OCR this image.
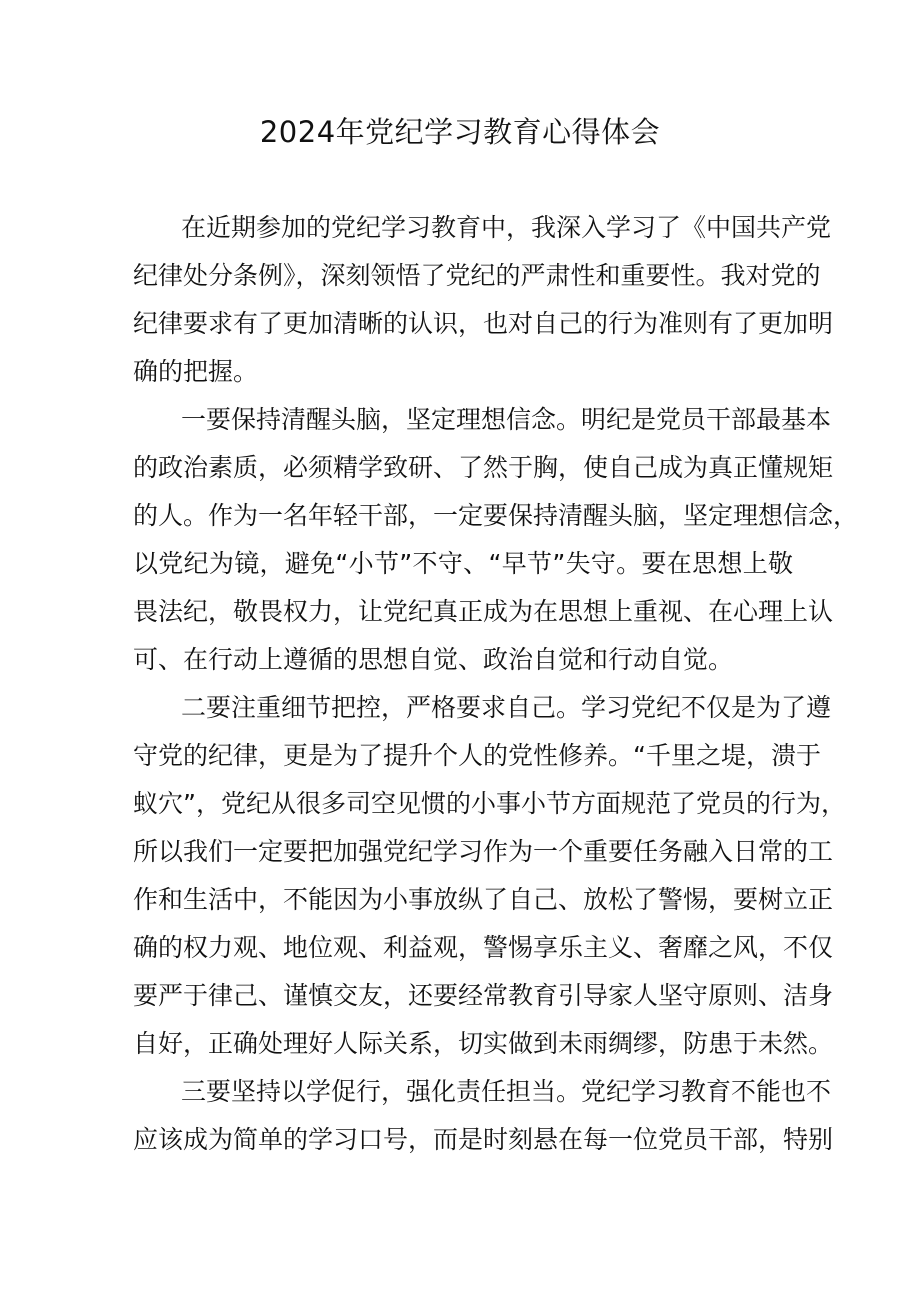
2024年党纪学习教育心得体会
在近期参加的党纪学习教育中，我深入学习了《中国共产党
纪律处分条例》，深刻领悟了党纪的严肃性和重要性。我对党的
纪律要求有了更加清晰的认识，也对自己的行为准则有了更加明
确的把握。
一要保持清醒头脑，坚定理想信念。明纪是党员干部最基本
的政治素质，必须精学致研、了然于胸，使自己成为真正懂规矩
的人。作为一名年轻干部，一定要保持清醒头脑，坚定理想信念，
以党纪为镜，避免“小节”不守、“早节”失守。要在思想上敬
畏法纪，敬畏权力，让党纪真正成为在思想上重视、在心理上认
可、在行动上遵循的思想自觉、政治自觉和行动自觉。
二要注重细节把控，严格要求自己。学习党纪不仅是为了遵
守党的纪律，更是为了提升个人的党性修养。“千里之堤，溃于
蚁穴”，党纪从很多司空见惯的小事小节方面规范了党员的行为，
所以我们一定要把加强党纪学习作为一个重要任务融入日常的工
作和生活中，不能因为小事放纵了自己、放松了警惕，要树立正
确的权力观、地位观、利益观，警惕享乐主义、奢靡之风，不仅
要严于律己、谨慎交友，还要经常教育引导家人坚守原则、洁身
自好，正确处理好人际关系，切实做到未雨绸缪，防患于未然。
三要坚持以学促行，强化责任担当。党纪学习教育不能也不
应该成为简单的学习口号，而是时刻悬在每一位党员干部，特别
